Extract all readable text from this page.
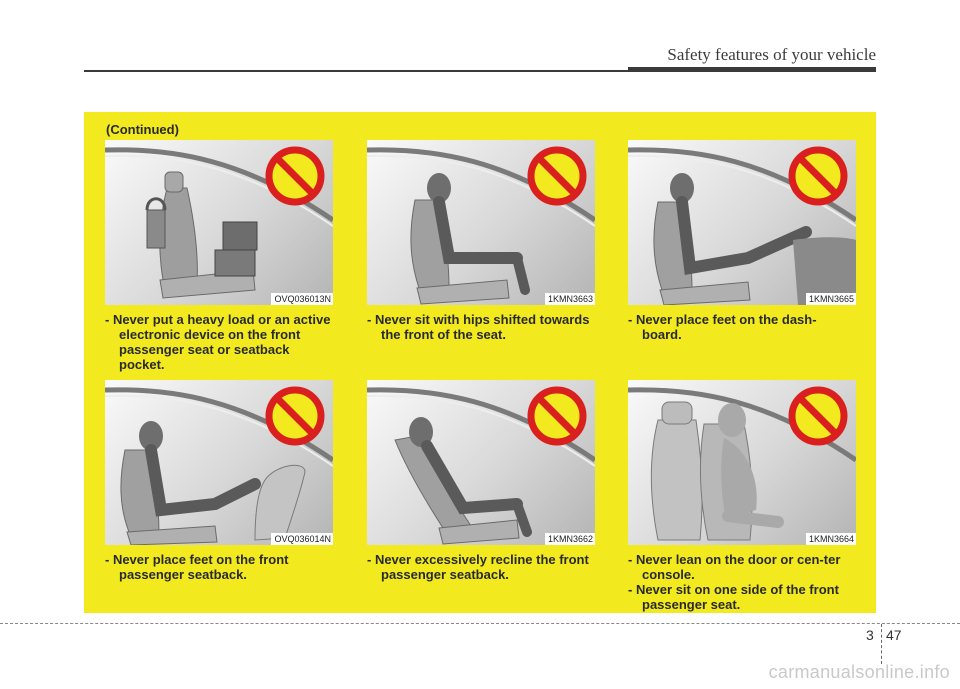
Safety features of your vehicle
(Continued)
OVQ036013N

- Never put a heavy load or an active electronic device on the front passenger seat or seatback pocket.

1KMN3663

- Never sit with hips shifted towards the front of the seat.

1KMN3665

- Never place feet on the dash-board.

OVQ036014N

- Never place feet on the front passenger seatback.

1KMN3662

- Never excessively recline the front passenger seatback.

1KMN3664

- Never lean on the door or cen-ter console.

- Never sit on one side of the front passenger seat.

3 47
carmanualsonline.info
